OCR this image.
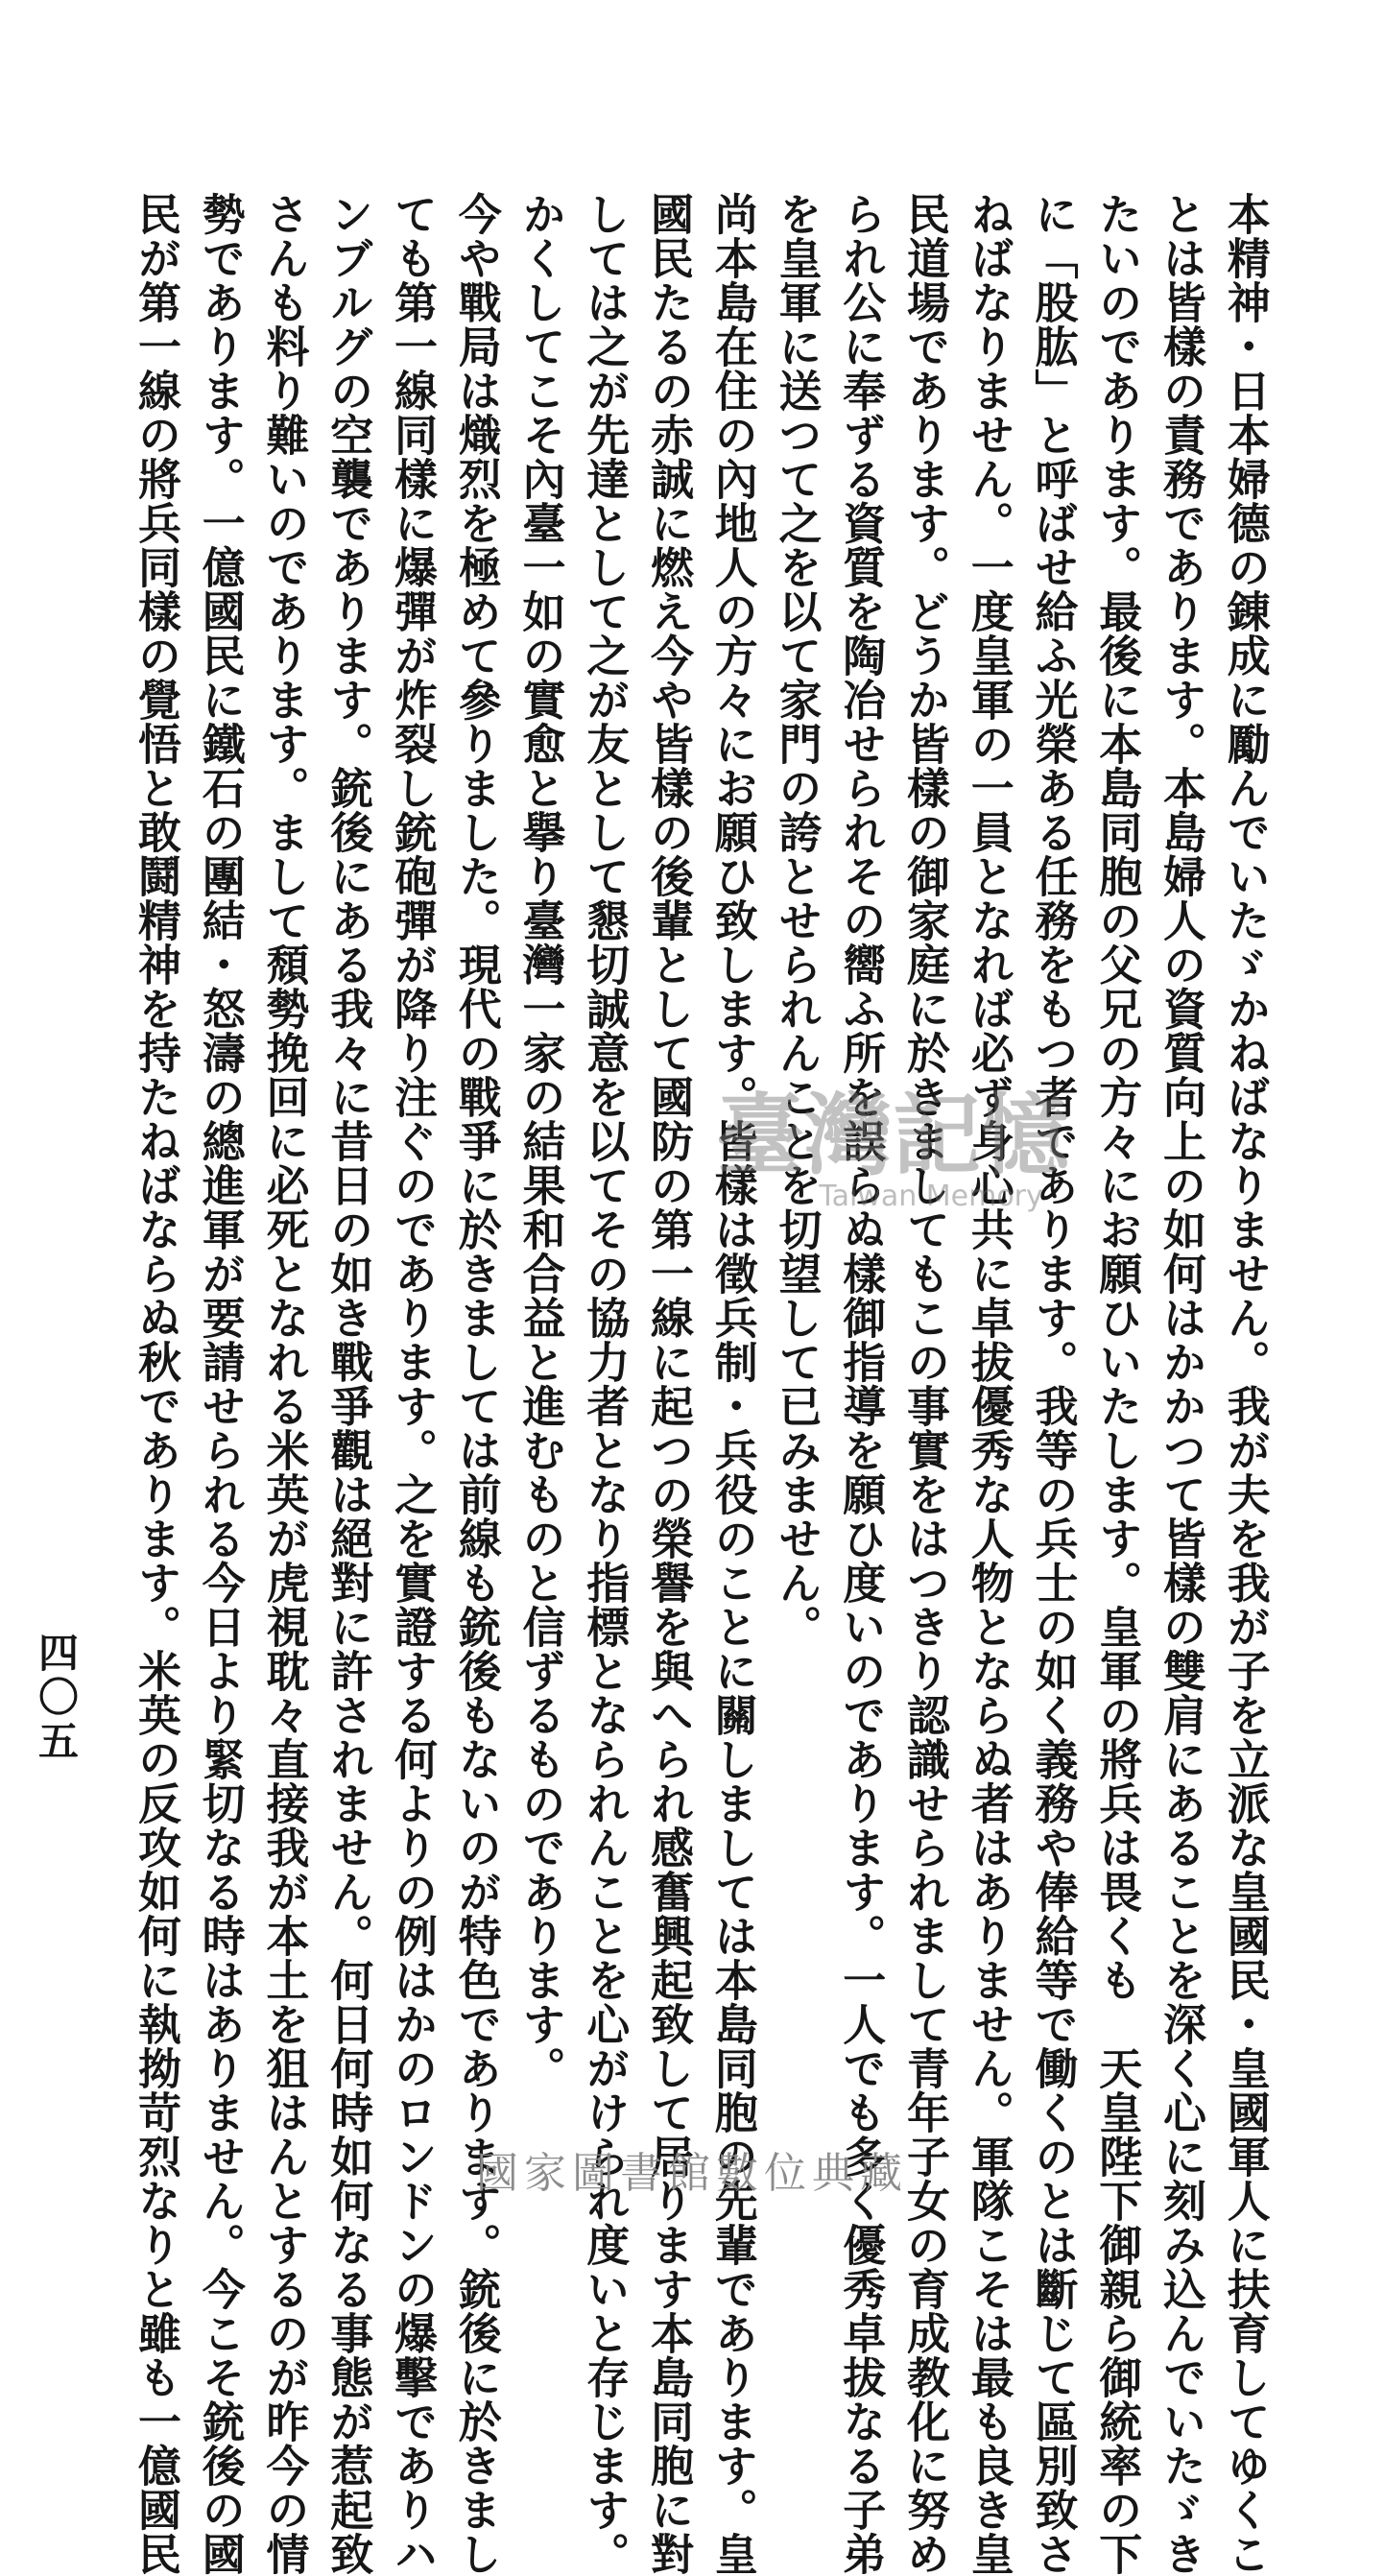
本精神・日本婦德の錬成に勵んでいたゞかねばなりません。我が夫を我が子を立派な皇國民・皇國軍人に扶育してゆくこ
とは皆樣の責務であります。本島婦人の資質向上の如何はかかつて皆樣の雙肩にあることを深く心に刻み込んでいたゞき
たいのであります。最後に本島同胞の父兄の方々にお願ひいたします。皇軍の將兵は畏くも　天皇陛下御親ら御統率の下
に「股肱」と呼ばせ給ふ光榮ある任務をもつ者であります。我等の兵士の如く義務や俸給等で働くのとは斷じて區別致さ
ねばなりません。一度皇軍の一員となれば必ず身心共に卓拔優秀な人物とならぬ者はありません。軍隊こそは最も良き皇
民道場であります。どうか皆樣の御家庭に於きましてもこの事實をはつきり認識せられまして青年子女の育成教化に努め
られ公に奉ずる資質を陶冶せられその嚮ふ所を誤らぬ樣御指導を願ひ度いのであります。一人でも多く優秀卓拔なる子弟
を皇軍に送つて之を以て家門の誇とせられんことを切望して已みません。
尚本島在住の內地人の方々にお願ひ致します。皆樣は徵兵制・兵役のことに關しましては本島同胞の先輩であります。皇
國民たるの赤誠に燃え今や皆樣の後輩として國防の第一線に起つの榮譽を與へられ感奮興起致して居ります本島同胞に對
しては之が先達として之が友として懇切誠意を以てその協力者となり指標となられんことを心がけられ度いと存じます。
かくしてこそ內臺一如の實愈と擧り臺灣一家の結果和合益と進むものと信ずるものであります。
今や戰局は熾烈を極めて參りました。現代の戰爭に於きましては前線も銃後もないのが特色であります。銃後に於きまし
ても第一線同樣に爆彈が炸裂し銃砲彈が降り注ぐのであります。之を實證する何よりの例はかのロンドンの爆擊でありハ
ンブルグの空襲であります。銃後にある我々に昔日の如き戰爭觀は絕對に許されません。何日何時如何なる事態が惹起致
さんも料り難いのであります。まして頹勢挽回に必死となれる米英が虎視耽々直接我が本土を狙はんとするのが昨今の情
勢であります。一億國民に鐵石の團結・怒濤の總進軍が要請せられる今日より緊切なる時はありません。今こそ銃後の國
民が第一線の將兵同樣の覺悟と敢鬪精神を持たねばならぬ秋であります。米英の反攻如何に執拗苛烈なりと雖も一億國民
四〇五
臺灣記憶
Taiwan Memory
國家圖書館數位典藏
